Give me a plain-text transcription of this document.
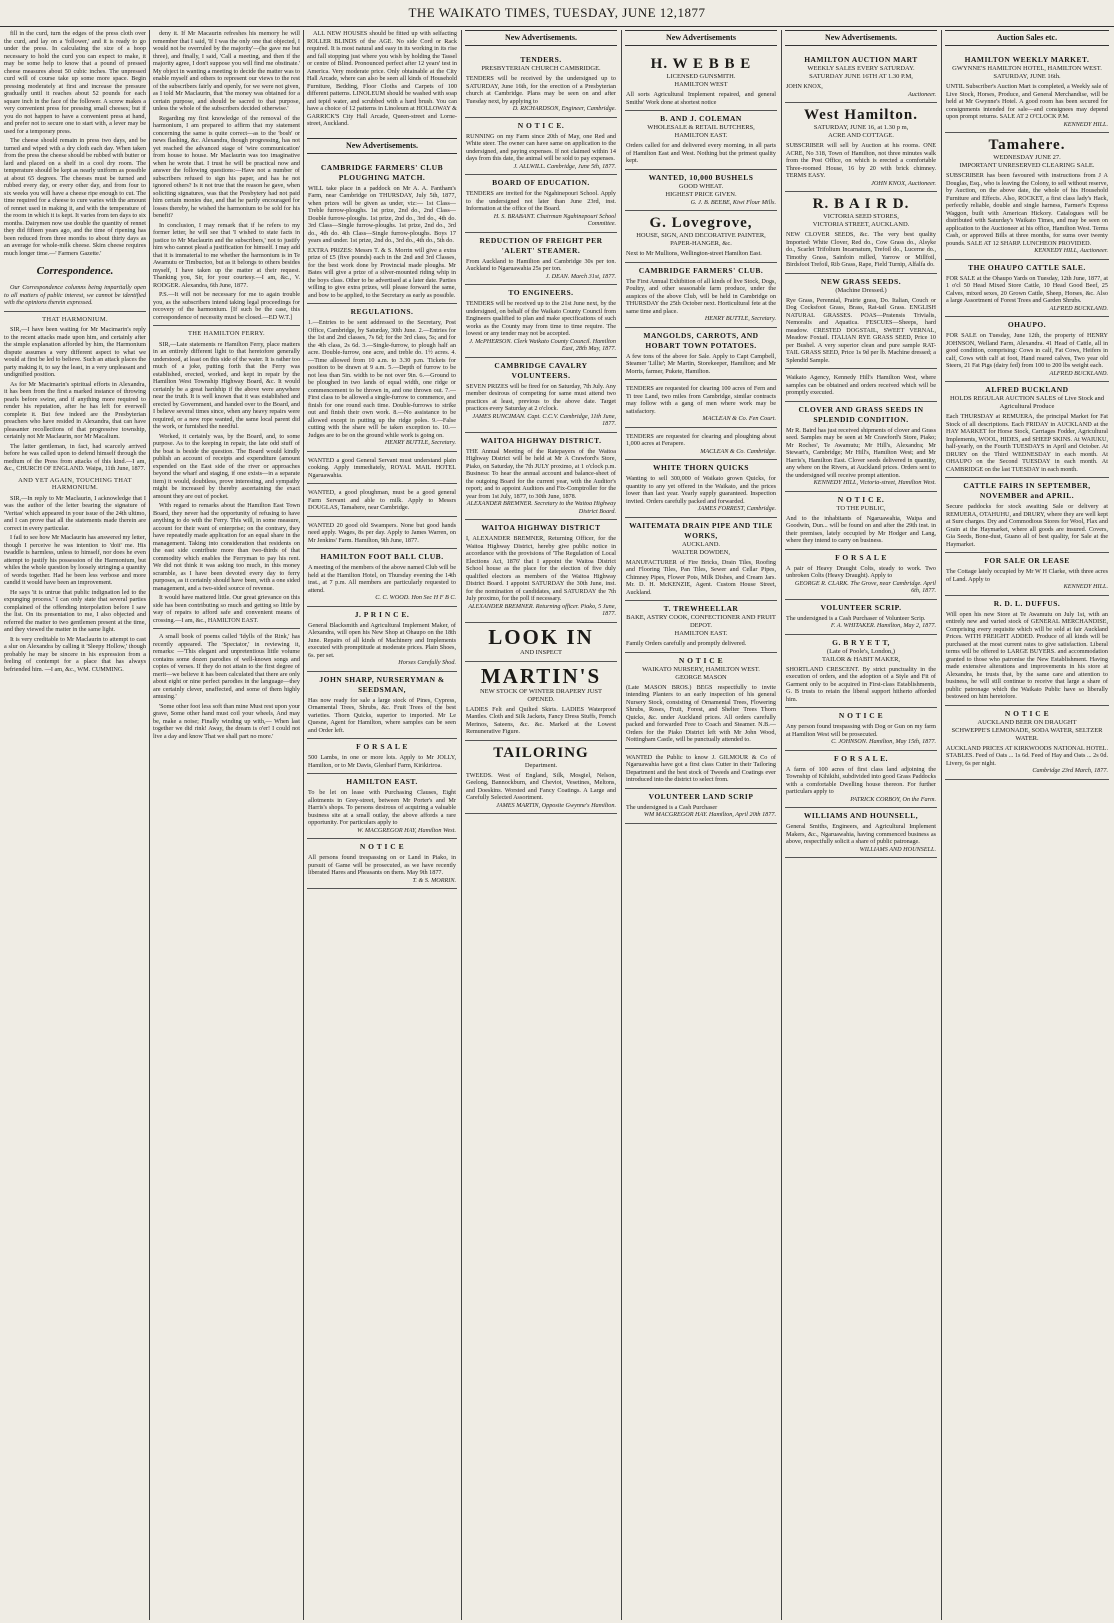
THE WAIKATO TIMES, TUESDAY, JUNE 12,1877

fill in the curd, turn the edges of the press cloth over the curd, and lay on a 'follower,' and it is ready to go under the press. In calculating the size of a hoop necessary to hold the curd you can expect to make, it may be some help to know that a pound of pressed cheese measures about 50 cubic inches. The unpressed curd will of course take up some more space. Begin pressing moderately at first and increase the pressure gradually until it reaches about 52 pounds for each square inch in the face of the follower. A screw makes a very convenient press for pressing small cheeses; but if you do not happen to have a convenient press at hand, and prefer not to secure one to start with, a lever may be used for a temporary press.

The cheese should remain in press two days, and be turned and wiped with a dry cloth each day. When taken from the press the cheese should be rubbed with butter or lard and placed on a shelf in a cool dry room. The temperature should be kept as nearly uniform as possible at about 65 degrees. The cheeses must be turned and rubbed every day, or every other day, and from four to six weeks you will have a cheese ripe enough to cut. The time required for a cheese to cure varies with the amount of rennet used in making it, and with the temperature of the room in which it is kept. It varies from ten days to six months. Dairymen now use double the quantity of rennet they did fifteen years ago, and the time of ripening has been reduced from three months to about thirty days as an average for whole-milk cheese. Skim cheese requires much longer time.—' Farmers Gazette.'

Correspondence.

Our Correspondence columns being impartially open to all matters of public interest, we cannot be identified with the opinions therein expressed.

THAT HARMONIUM.

SIR,—I have been waiting for Mr Macimarin's reply to the recent attacks made upon him, and certainly after the simple explanation afforded by him, the Harmonium dispute assumes a very different aspect to what we would at first be led to believe. Such an attack places the party making it, to say the least, in a very unpleasant and undignified position.

As for Mr Macimarin's spiritual efforts in Alexandra, it has been from the first a marked instance of throwing pearls before swine, and if anything more required to render his reputation, after he has left for everwell complete it. But few indeed are the Presbyterian preachers who have resided in Alexandra, that can have pleasanter recollections of that progressive township, certainly not Mr Maclaurin, nor Mr Macalium.

The latter gentleman, in fact, had scarcely arrived before he was called upon to defend himself through the medium of the Press from attacks of this kind.—I am, &c., CHURCH OF ENGLAND. Waipa, 11th June, 1877.

AND YET AGAIN, TOUCHING THAT HARMONIUM.

SIR,—In reply to Mr Maclaurin, I acknowledge that I was the author of the letter bearing the signature of 'Veritas' which appeared in your issue of the 24th ultimo, and I can prove that all the statements made therein are correct in every particular.

I fail to see how Mr Maclaurin has answered my letter, though I perceive he was intention to 'doit' me. His twaddle is harmless, unless to himself, nor does he even attempt to justify his possession of the Harmonium, but whiles the whole question by loosely stringing a quantity of words together. Had he been less verbose and more candid it would have been an improvement.

He says 'it is untrue that public indignation led to the expunging process.' I can only state that several parties complained of the offending interpolation before I saw the list. On its presentation to me, I also objected and referred the matter to two gentlemen present at the time, and they viewed the matter in the same light.

It is very creditable to Mr Maclaurin to attempt to cast a slur on Alexandra by calling it 'Sleepy Hollow,' though probably he may be sincere in his expression from a feeling of contempt for a place that has always befriended him. —I am, &c., WM. CUMMING.

deny it. If Mr Macaurin refreshes his memory he will remember that I said, 'If I was the only one that objected, I would not be overruled by the majority'—(he gave me but three), and finally, I said, 'Call a meeting, and then if the majority agree, I don't suppose you will find me obstinate.' My object in wanting a meeting to decide the matter was to enable myself and others to represent our views to the rest of the subscribers fairly and openly, for we were not given, as I told Mr Maclaurin, that 'the money was obtained for a certain purpose, and should be sacred to that purpose, unless the whole of the subscribers decided otherwise.'

Regarding my first knowledge of the removal of the harmonium, I am prepared to affirm that my statement concerning the same is quite correct—as to the 'bosh' or news flashing, &c. Alexandra, though progressing, has not yet reached the advanced stage of 'wire communication' from house to house. Mr Maclaurin was too imaginative when he wrote that. I trust he will be practical now and answer the following questions:—Have not a number of subscribers refused to sign his paper, and has he not ignored others? Is it not true that the reason he gave, when soliciting signatures, was that the Presbytery had not paid him certain monies due, and that he partly encouraged for losses thereby, he wished the harmonium to be sold for his benefit?

In conclusion, I may remark that if he refers to my former letter, he will see that 'I wished to state facts in justice to Mr Maclaurin and the subscribers,' not to justify him who cannot plead a justification for himself. I may add that it is immaterial to me whether the harmonium is in Te Awamutu or Timbuctoo, but as it belongs to others besides myself, I have taken up the matter at their request. Thanking you, Sir, for your courtesy.—I am, &c., V. RODGER. Alexandra, 6th June, 1877.

P.S.—It will not be necessary for me to again trouble you, as the subscribers intend taking legal proceedings for recovery of the harmonium. [If such be the case, this correspondence of necessity must be closed.—ED W.T.]

THE HAMILTON FERRY.

SIR,—Late statements re Hamilton Ferry, place matters in an entirely different light to that heretofore generally understood, at least on this side of the water. It is rather too much of a joke, putting forth that the Ferry was established, erected, worked, and kept in repair by the Hamilton West Township Highway Board, &c. It would certainly be a great hardship if the above were anywhere near the truth. It is well known that it was established and erected by Government, and handed over to the Board, and I believe several times since, when any heavy repairs were required, or a new rope wanted, the same local parent did the work, or furnished the needful.

Worked, it certainly was, by the Board, and, to some purpose. As to the keeping in repair, the late odd stuff of the boat is beside the question. The Board would kindly publish an account of receipts and expenditure (amount expended on the East side of the river or approaches beyond the wharf and staging, if one exists—in a separate item) it would, doubtless, prove interesting, and sympathy might be increased by thereby ascertaining the exact amount they are out of pocket.

With regard to remarks about the Hamilton East Town Board, they never had the opportunity of refusing to have anything to do with the Ferry. This will, in some measure, account for their want of enterprise; on the contrary, they have repeatedly made application for an equal share in the management. Taking into consideration that residents on the east side contribute more than two-thirds of that commodity which enables the Ferryman to pay his rent. We did not think it was asking too much, in this money scramble, as I have been devoted every day to ferry purposes, as it certainly should have been, with a one sided management, and a two-sided source of revenue.

It would have mattered little. Our great grievance on this side has been contributing so much and getting so little by way of repairs to afford safe and convenient means of crossing.—I am, &c., HAMILTON EAST.

A small book of poems called 'Idylls of the Rink,' has recently appeared. The 'Spectator,' in reviewing it, remarks: —'This elegant and unpretentious little volume contains some dozen parodies of well-known songs and copies of verses. If they do not attain to the first degree of merit—we believe it has been calculated that there are only about eight or nine perfect parodies in the language—they are certainly clever, unaffected, and some of them highly amusing.'

'Some other foot less soft than mine Must rest upon your grave, Some other hand must coil your wheels, And may be, make a noise; Finally winding up with,— When last together we did rink! Away, the dream is o'er! I could not live a day and know That we shall part no more.'

ALL NEW HOUSES should be fitted up with selfacting ROLLER BLINDS of the AGE. No side Cord or Rack required. It is most natural and easy in its working in its rise and fall stopping just where you wish by holding the Tassel or centre of Blind. Pronounced perfect after 12 years' test in America. Very moderate price. Only obtainable at the City Hall Arcade, where can also be seen all kinds of Household Furniture, Bedding, Floor Cloths and Carpets of 100 different patterns. LINOLEUM should be washed with soap and tepid water, and scrubbed with a hard brush. You can have a choice of 12 patterns in Linoleum at HOLLOWAY & GARRICK'S City Hall Arcade, Queen-street and Lorne-street, Auckland.

New Advertisements.
CAMBRIDGE FARMERS' CLUB PLOUGHING MATCH.
WILL take place in a paddock on Mr A. A. Fantham's Farm, near Cambridge on THURSDAY, July 5th, 1877, when prizes will be given as under, viz:— 1st Class—Treble furrow-ploughs. 1st prize, 2nd do., 2nd Class—Double furrow-ploughs. 1st prize, 2nd do., 3rd do., 4th do. 3rd Class—Single furrow-ploughs. 1st prize, 2nd do., 3rd do., 4th do. 4th Class—Single furrow-ploughs. Boys 17 years and under. 1st prize, 2nd do., 3rd do., 4th do., 5th do.
EXTRA PRIZES: Messrs T. & S. Morrin will give a extra prize of £5 (five pounds) each in the 2nd and 3rd Classes, for the best work done by Provincial made ploughs. Mr Bates will give a prize of a silver-mounted riding whip in the boys class. Other to be advertised at a later date. Parties willing to give extra prizes, will please forward the same, and bow to be applied, to the Secretary as early as possible.
REGULATIONS.
1.—Entries to be sent addressed to the Secretary, Post Office, Cambridge, by Saturday, 30th June. 2.—Entries for the 1st and 2nd classes, 7s 6d; for the 3rd class, 5s; and for the 4th class, 2s 6d. 3.—Single-furrow, to plough half an acre. Double-furrow, one acre, and treble do. 1½ acres. 4.—Time allowed from 10 a.m. to 3.30 p.m. Tickets for position to be drawn at 9 a.m. 5.—Depth of furrow to be not less than 5in. width to be not over 9in. 6.—Ground to be ploughed in two lands of equal width, one ridge or commencement to be thrown in, and one thrown out. 7.—First class to be allowed a single-furrow to commence, and finish for one round each time. Double-furrows to strike out and finish their own work. 8.—No assistance to be allowed except in putting up the ridge poles. 9.—False cutting with the share will be taken exception to. 10.—Judges are to be on the ground while work is going on.
HENRY BUTTLE, Secretary.
WANTED a good General Servant must understand plain cooking. Apply immediately, ROYAL MAIL HOTEL Ngaruawahia.
WANTED, a good ploughman, must be a good general Farm Servant and able to milk. Apply to Messrs DOUGLAS, Tamahere, near Cambridge.
WANTED 20 good old Swampers. None but good hands need apply. Wages, 8s per day. Apply to James Warren, on Mr Jenkins' Farm. Hamilton, 9th June, 1877.
HAMILTON FOOT BALL CLUB.
A meeting of the members of the above named Club will be held at the Hamilton Hotel, on Thursday evening the 14th inst., at 7 p.m. All members are particularly requested to attend.
C. C. WOOD. Hon Sec H F B C.
J. P R I N C E.
General Blacksmith and Agricultural Implement Maker, of Alexandra, will open his New Shop at Ohaupo on the 18th June. Repairs of all kinds of Machinery and Implements executed with promptitude at moderate prices. Plain Shoes, 6s. per set.
Horses Carefully Shod.
JOHN SHARP, NURSERYMAN & SEEDSMAN,
Has now ready for sale a large stock of Pines, Cypress, Ornamental Trees, Shrubs, &c. Fruit Trees of the best varieties. Thorn Quicks, superior to imported. Mr Le Quesne, Agent for Hamilton, where samples can be seen and Order left.
F O R S A L E
500 Lambs, in one or more lots. Apply to Mr JOLLY, Hamilton, or to Mr Davis, Glenbarf Farm, Kirikiriroa.
HAMILTON EAST.
To be let on lease with Purchasing Clauses, Eight allotments in Grey-street, between Mr Porter's and Mr Harris's shops. To persons desirous of acquiring a valuable business site at a small outlay, the above affords a rare opportunity. For particulars apply to
W. MACGREGOR HAY, Hamilton West.
N O T I C E
All persons found trespassing on or Land in Piako, in pursuit of Game will be prosecuted, as we have recently liberated Hares and Pheasants on them. May 9th 1877.
T. & S. MORRIN.
New Advertisements.
TENDERS.
PRESBYTERIAN CHURCH CAMBRIDGE.
TENDERS will be received by the undersigned up to SATURDAY, June 16th, for the erection of a Presbyterian church at Cambridge. Plans may be seen on and after Tuesday next, by applying to
D. RICHARDSON, Engineer, Cambridge.
N O T I C E.
RUNNING on my Farm since 20th of May, one Red and White steer. The owner can have same on application to the undersigned, and paying expenses. If not claimed within 14 days from this date, the animal will be sold to pay expenses.
J. ALLWILL. Cambridge, June 5th, 1877.
BOARD OF EDUCATION.
TENDERS are invited for the Ngahinepouri School. Apply to the undersigned not later than June 23rd, inst. Information at the office of the Board.
H. S. BRABANT. Chairman Ngahinepouri School Committee.
REDUCTION OF FREIGHT PER 'ALERT' STEAMER.
From Auckland to Hamilton and Cambridge 30s per ton. Auckland to Ngaruawahia 25s per ton.
J. DEAN. March 31st, 1877.
TO ENGINEERS.
TENDERS will be received up to the 21st June next, by the undersigned, on behalf of the Waikato County Council from Engineers qualified to plan and make specifications of such works as the County may from time to time require. The lowest or any tender may not be accepted.
J. McPHERSON. Clerk Waikato County Council. Hamilton East, 28th May, 1877.
CAMBRIDGE CAVALRY VOLUNTEERS.
SEVEN PRIZES will be fired for on Saturday, 7th July. Any member desirous of competing for same must attend two practices at least, previous to the above date. Target practices every Saturday at 2 o'clock.
JAMES RUNCIMAN. Capt. C.C.V. Cambridge, 11th June, 1877.
WAITOA HIGHWAY DISTRICT.
THE Annual Meeting of the Ratepayers of the Waitoa Highway District will be held at Mr A Crawford's Store, Piako, on Saturday, the 7th JULY proximo, at 1 o'clock p.m. Business: To hear the annual account and balance-sheet of the outgoing Board for the current year, with the Auditor's report; and to appoint Auditors and Fix-Comptroller for the year from 1st July, 1877, to 30th June, 1878.
ALEXANDER BREMNER. Secretary to the Waitoa Highway District Board.
WAITOA HIGHWAY DISTRICT
I, ALEXANDER BREMNER, Returning Officer, for the Waitoa Highway District, hereby give public notice in accordance with the provisions of 'The Regulation of Local Elections Act, 1876' that I appoint the Waitoa District School house as the place for the election of five duly qualified electors as members of the Waitoa Highway District Board. I appoint SATURDAY the 30th June, inst. for the nomination of candidates, and SATURDAY the 7th July proximo, for the poll if necessary.
ALEXANDER BREMNER. Returning officer. Piako, 5 June, 1877.
LOOK IN
AND INSPECT
MARTIN'S
NEW STOCK OF WINTER DRAPERY JUST OPENED.
LADIES Felt and Quilted Skirts. LADIES Waterproof Mantles. Cloth and Silk Jackets, Fancy Dress Stuffs, French Merinos, Sateens, &c. &c. Marked at the Lowest Remunerative Figure.
TAILORING
Department.
TWEEDS. West of England, Silk, Mosgiel, Nelson, Geelong, Bannockburn, and Cheviot, Vesetines, Meltons, and Doeskins. Worsted and Fancy Coatings. A Large and Carefully Selected Assortment.
JAMES MARTIN, Opposite Gwynne's Hamilton.
New Advertisements
H. W E B B E
LICENSED GUNSMITH.
HAMILTON WEST
All sorts Agricultural Implement repaired, and general Smiths' Work done at shortest notice
B. AND J. COLEMAN
WHOLESALE & RETAIL BUTCHERS,
HAMILTON EAST.
Orders called for and delivered every morning, in all parts of Hamilton East and West. Nothing but the primest quality kept.
WANTED, 10,000 BUSHELS
GOOD WHEAT.
HIGHEST PRICE GIVEN.
G. J. B. BEEBE, Kiwi Flour Mills.
G. Lovegrove,
HOUSE, SIGN, AND DECORATIVE PAINTER,
PAPER-HANGER, &c.
Next to Mr Mullions, Wellington-street Hamilton East.
CAMBRIDGE FARMERS' CLUB.
The First Annual Exhibition of all kinds of live Stock, Dogs, Poultry, and other seasonable farm produce, under the auspices of the above Club, will be held in Cambridge on THURSDAY the 25th October next. Horticultural fete at the same time and place.
HENRY BUTTLE, Secretary.
MANGOLDS, CARROTS, AND HOBART TOWN POTATOES.
A few tons of the above for Sale. Apply to Capt Campbell, Steamer 'Lillie'; Mr Martin, Storekeeper, Hamilton; and Mr Morris, farmer, Pukete, Hamilton.
TENDERS are requested for clearing 100 acres of Fern and Ti tree Land, two miles from Cambridge, similar contracts may follow with a gang of men where work may be satisfactory.
MACLEAN & Co. Fen Court.
TENDERS are requested for clearing and ploughing about 1,000 acres at Ferapere.
MACLEAN & Co. Cambridge.
WHITE THORN QUICKS
Wanting to sell 300,000 of Waikato grown Quicks, for quantity to any yet offered in the Waikato, and the prices lower than last year. Yearly supply guaranteed. Inspection invited. Orders carefully packed and forwarded.
JAMES FORREST, Cambridge.
WAITEMATA DRAIN PIPE AND TILE WORKS,
AUCKLAND.
WALTER DOWDEN,
MANUFACTURER of Fire Bricks, Drain Tiles, Roofing and Flooring Tiles, Pan Tiles, Sewer and Cellar Pipes, Chimney Pipes, Flower Pots, Milk Dishes, and Cream Jars. Mr. D. H. McKENZIE, Agent. Custom House Street, Auckland.
T. TREWHEELLAR
BAKE, ASTRY COOK, CONFECTIONER AND FRUIT DEPOT.
HAMILTON EAST.
Family Orders carefully and promptly delivered.
N O T I C E
WAIKATO NURSERY, HAMILTON WEST.
GEORGE MASON
(Late MASON BROS.) BEGS respectfully to invite intending Planters to an early inspection of his general Nursery Stock, consisting of Ornamental Trees, Flowering Shrubs, Roses, Fruit, Forest, and Shelter Trees Thorn Quicks, &c. under Auckland prices. All orders carefully packed and forwarded Free to Coach and Steamer. N.B.—Orders for the Piako District left with Mr John Wood, Nottingham Castle, will be punctually attended to.
WANTED the Public to know J. GILMOUR & Co of Ngaruawahia have got a first class Cutter in their Tailoring Department and the best stock of Tweeds and Coatings ever introduced into the district to select from.
VOLUNTEER LAND SCRIP
The undersigned is a Cash Purchaser
WM MACGREGOR HAY. Hamilton, April 20th 1877.
New Advertisements.
HAMILTON AUCTION MART
WEEKLY SALES EVERY SATURDAY.
SATURDAY JUNE 16TH AT 1.30 P.M,
JOHN KNOX,
Auctioneer.
West Hamilton.
SATURDAY, JUNE 16, at 1.30 p m,
ACRE AND COTTAGE.
SUBSCRIBER will sell by Auction at his rooms. ONE ACRE, No 318, Town of Hamilton, not three minutes walk from the Post Office, on which is erected a comfortable Three-roomed House, 16 by 20 with brick chimney. TERMS EASY.
JOHN KNOX, Auctioneer.
R. B A I R D.
VICTORIA SEED STORES,
VICTORIA STREET, AUCKLAND.
NEW CLOVER SEEDS, &c. The very best quality Imported: White Clover, Red do., Cow Grass do., Alsyke do., Scarlet Trifolium Incarnatum, Trefoil do., Lucerne do., Timothy Grass, Sainfoin milled, Yarrow or Millfoil, Birdsfoot Trefoil, Rib Grass, Rape, Field Turnip, Alfalfa do.
NEW GRASS SEEDS.
(Machine Dressed.)
Rye Grass, Perennial, Prairie grass, Do. Italian, Couch or Dog Cocksfoot Grass, Brass, Rat-tail Grass. ENGLISH NATURAL GRASSES. POAS—Pratensis Trivialis, Nemoralis and Aquatica. FESCUES—Sheeps, hard meadow. CRESTED DOGSTAIL, SWEET VERNAL, Meadow Foxtail. ITALIAN RYE GRASS SEED, Price 10 per Bushel. A very superior clean and pure sample RAT-TAIL GRASS SEED, Price 1s 9d per lb. Machine dressed; a Splendid Sample.
Waikato Agency, Kennedy Hill's Hamilton West, where samples can be obtained and orders received which will be promptly executed.
CLOVER AND GRASS SEEDS IN SPLENDID CONDITION.
Mr R. Baird has just received shipments of clover and Grass seed. Samples may be seen at Mr Crawford's Store, Piako; Mr Roches', Te Awamutu; Mr Hill's, Alexandra; Mr Stewart's, Cambridge; Mr Hill's, Hamilton West; and Mr Harris's, Hamilton East. Clover seeds delivered in quantity, any where on the Rivers, at Auckland prices. Orders sent to the undersigned will receive prompt attention.
KENNEDY HILL, Victoria-street, Hamilton West.
N O T I C E.
TO THE PUBLIC,
And to the inhabitants of Ngaruawahia, Waipa and Goodwin, Dun... will be found on and after the 29th inst. in their premises, lately occupied by Mr Hodger and Lang, where they intend to carry on business.
F O R S A L E
A pair of Heavy Draught Colts, steady to work. Two unbroken Colts (Heavy Draught). Apply to
GEORGE R. CLARK. The Grove, near Cambridge. April 6th, 1877.
VOLUNTEER SCRIP.
The undersigned is a Cash Purchaser of Volunteer Scrip.
F. A. WHITAKER. Hamilton, May 2, 1877.
G. B R Y E T T,
(Late of Poole's, London,)
TAILOR & HABIT MAKER,
SHORTLAND CRESCENT. By strict punctuality in the execution of orders, and the adoption of a Style and Fit of Garment only to be acquired in First-class Establishments, G. B trusts to retain the liberal support hitherto afforded him.
N O T I C E
Any person found trespassing with Dog or Gun on my farm at Hamilton West will be prosecuted.
C. JOHNSON. Hamilton, May 15th, 1877.
F O R S A L E.
A farm of 100 acres of first class land adjoining the Township of Kihikihi, subdivided into good Grass Paddocks with a comfortable Dwelling house thereon. For further particulars apply to
PATRICK CORBOY, On the Farm.
WILLIAMS AND HOUNSELL,
General Smiths, Engineers, and Agricultural Implement Makers, &c., Ngaruawahia, having commenced business as above, respectfully solicit a share of public patronage.
WILLIAMS AND HOUNSELL.
Auction Sales etc.
HAMILTON WEEKLY MARKET.
GWYNNE'S HAMILTON HOTEL, HAMILTON WEST.
SATURDAY, JUNE 16th.
UNTIL Subscriber's Auction Mart is completed, a Weekly sale of Live Stock, Horses, Produce, and General Merchandise, will be held at Mr Gwynne's Hotel. A good room has been secured for consignments intended for sale—and consignees may depend upon prompt returns. SALE AT 2 O'CLOCK P.M.
KENNEDY HILL.
Tamahere.
WEDNESDAY JUNE 27.
IMPORTANT UNRESERVED CLEARING SALE.
SUBSCRIBER has been favoured with instructions from J A Douglas, Esq., who is leaving the Colony, to sell without reserve, by Auction, on the above date, the whole of his Household Furniture and Effects. Also, ROCKET, a first class lady's Hack, perfectly reliable, double and single harness, Farmer's Express Waggon, built with American Hickory. Catalogues will be distributed with Saturday's Waikato Times, and may be seen on application to the Auctioneer at his office, Hamilton West. Terms Cash, or approved Bills at three months, for sums over twenty pounds. SALE AT 12 SHARP. LUNCHEON PROVIDED.
KENNEDY HILL, Auctioneer.
THE OHAUPO CATTLE SALE.
FOR SALE at the Ohaupo Yards on Tuesday, 12th June, 1877, at 1 o'cl 50 Head Mixed Store Cattle, 10 Head Good Beef, 25 Calves, mixed sexes, 20 Grown Cattle, Sheep, Horses, &c. Also a large Assortment of Forest Trees and Garden Shrubs.
ALFRED BUCKLAND.
OHAUPO.
FOR SALE on Tuesday, June 12th, the property of HENRY JOHNSON, Welland Farm, Alexandra. 41 Head of Cattle, all in good condition, comprising: Cows in calf, Fat Cows, Heifers in calf, Cows with calf at foot, Hand reared calves, Two year old Steers, 21 Fat Pigs (dairy fed) from 100 to 200 lbs weight each.
ALFRED BUCKLAND.
ALFRED BUCKLAND
HOLDS REGULAR AUCTION SALES of Live Stock and Agricultural Produce
Each THURSDAY at REMUERA, the principal Market for Fat Stock of all descriptions. Each FRIDAY in AUCKLAND at the HAY MARKET for Horse Stock, Carriages Fodder, Agricultural Implements, WOOL, HIDES, and SHEEP SKINS. At WAIUKU, half-yearly, on the Fourth TUESDAYS in April and October. At DRURY on the Third WEDNESDAY in each month. At OHAUPO on the Second TUESDAY in each month. At CAMBRIDGE on the last TUESDAY in each month.
CATTLE FAIRS IN SEPTEMBER, NOVEMBER and APRIL.
Secure paddocks for stock awaiting Sale or delivery at REMUERA, OTAHUHU, and DRURY, where they are well kept at Sure charges. Dry and Commodious Stores for Wool, Flax and Grain at the Haymarket, where all goods are insured. Covers, Gia Seeds, Bone-dust, Guano all of best quality, for Sale at the Haymarket.
FOR SALE OR LEASE
The Cottage lately occupied by Mr W H Clarke, with three acres of Land. Apply to
KENNEDY HILL.
R. D. L. DUFFUS.
Will open his new Store at Te Awamutu on July 1st, with an entirely new and varied stock of GENERAL MERCHANDISE, Comprising every requisite which will be sold at fair Auckland Prices. WITH FREIGHT ADDED. Produce of all kinds will be purchased at the most current rates to give satisfaction. Liberal terms will be offered to LARGE BUYERS. and accommodation granted to those who patronise the New Establishment. Having made extensive alterations and improvements in his store at Alexandra, he trusts that, by the same care and attention to business, he will still continue to receive that large a share of public patronage which the Waikato Public have so liberally bestowed on him heretofore.
N O T I C E
AUCKLAND BEER ON DRAUGHT
SCHWEPPE'S LEMONADE, SODA WATER, SELTZER WATER.
AUCKLAND PRICES AT KIRKWOODS NATIONAL HOTEL. STABLES. Feed of Oats ... 1s 6d. Feed of Hay and Oats ... 2s 0d. Livery, 6s per night.
Cambridge 23rd March, 1877.
